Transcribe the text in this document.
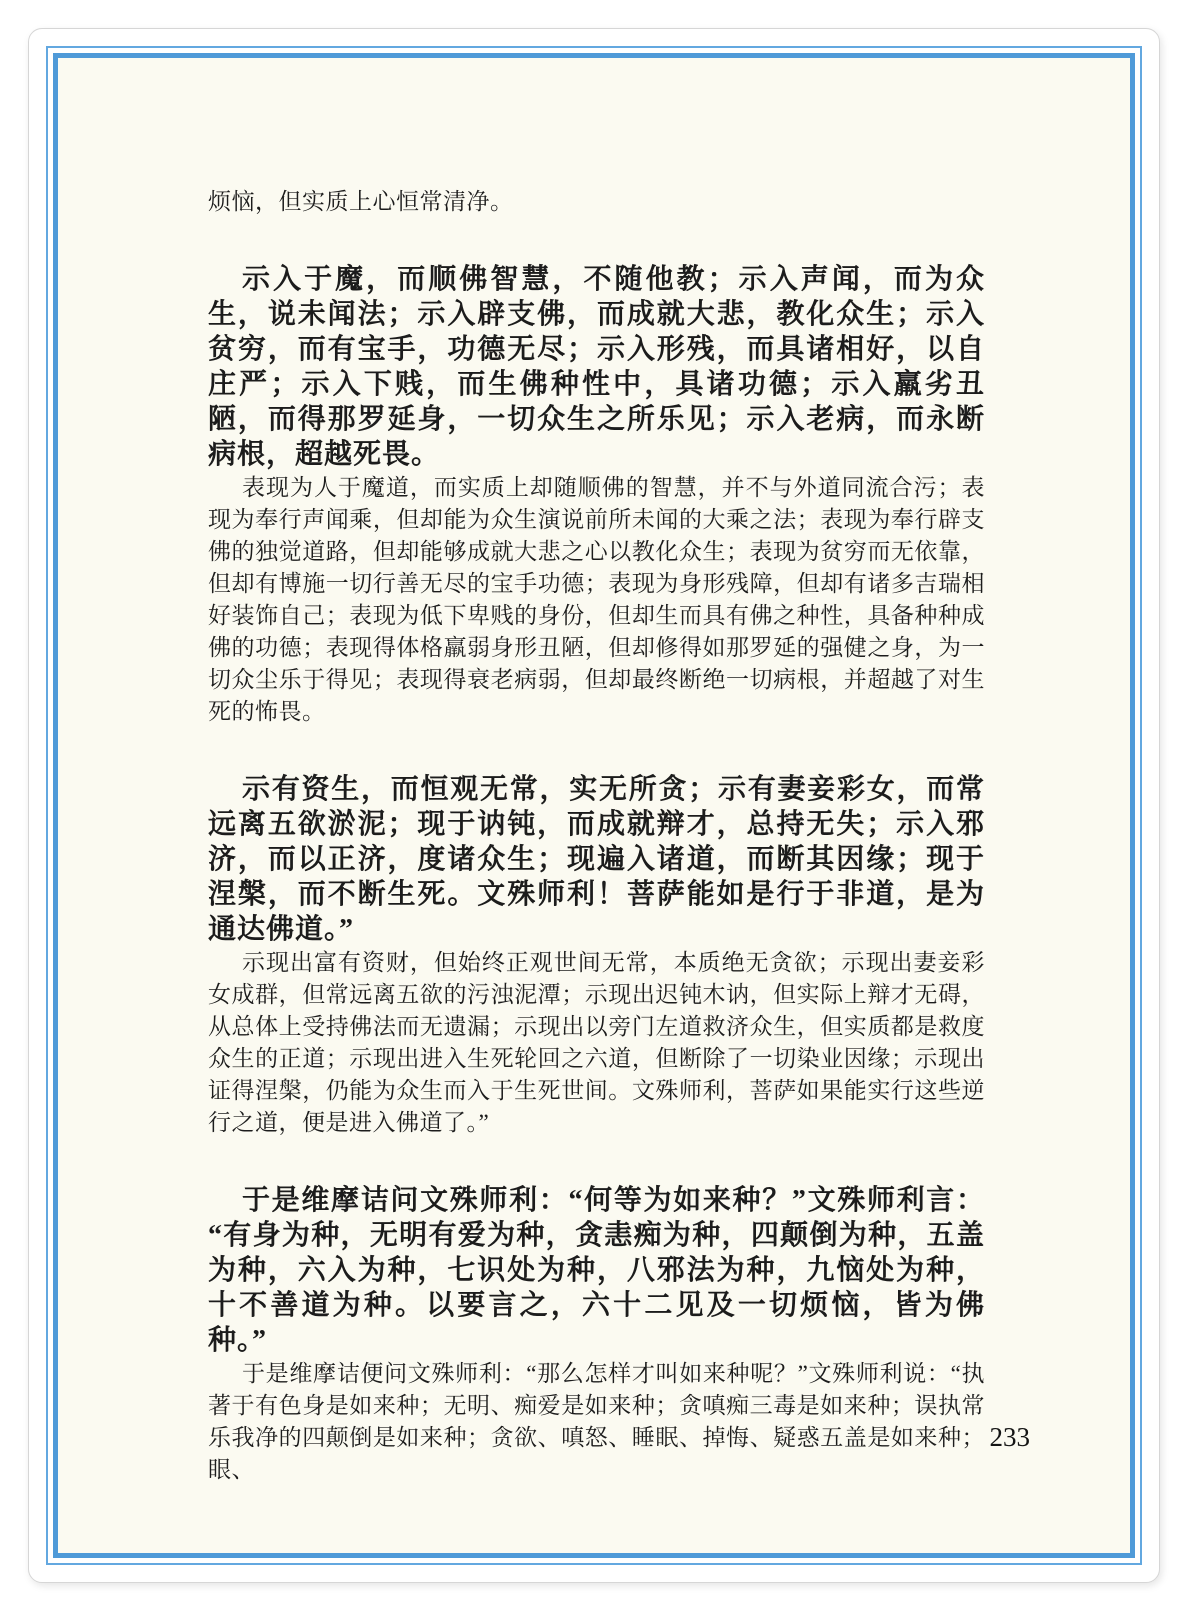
烦恼，但实质上心恒常清净。

示入于魔，而顺佛智慧，不随他教；示入声闻，而为众生，说未闻法；示入辟支佛，而成就大悲，教化众生；示入贫穷，而有宝手，功德无尽；示入形残，而具诸相好，以自庄严；示入下贱，而生佛种性中，具诸功德；示入羸劣丑陋，而得那罗延身，一切众生之所乐见；示入老病，而永断病根，超越死畏。

表现为人于魔道，而实质上却随顺佛的智慧，并不与外道同流合污；表现为奉行声闻乘，但却能为众生演说前所未闻的大乘之法；表现为奉行辟支佛的独觉道路，但却能够成就大悲之心以教化众生；表现为贫穷而无依靠，但却有博施一切行善无尽的宝手功德；表现为身形残障，但却有诸多吉瑞相好装饰自己；表现为低下卑贱的身份，但却生而具有佛之种性，具备种种成佛的功德；表现得体格羸弱身形丑陋，但却修得如那罗延的强健之身，为一切众尘乐于得见；表现得衰老病弱，但却最终断绝一切病根，并超越了对生死的怖畏。

示有资生，而恒观无常，实无所贪；示有妻妾彩女，而常远离五欲淤泥；现于讷钝，而成就辩才，总持无失；示入邪济，而以正济，度诸众生；现遍入诸道，而断其因缘；现于涅槃，而不断生死。文殊师利！菩萨能如是行于非道，是为通达佛道。”

示现出富有资财，但始终正观世间无常，本质绝无贪欲；示现出妻妾彩女成群，但常远离五欲的污浊泥潭；示现出迟钝木讷，但实际上辩才无碍，从总体上受持佛法而无遗漏；示现出以旁门左道救济众生，但实质都是救度众生的正道；示现出进入生死轮回之六道，但断除了一切染业因缘；示现出证得涅槃，仍能为众生而入于生死世间。文殊师利，菩萨如果能实行这些逆行之道，便是进入佛道了。”

于是维摩诘问文殊师利：“何等为如来种？”文殊师利言：“有身为种，无明有爱为种，贪恚痴为种，四颠倒为种，五盖为种，六入为种，七识处为种，八邪法为种，九恼处为种，十不善道为种。以要言之，六十二见及一切烦恼，皆为佛种。”

于是维摩诘便问文殊师利：“那么怎样才叫如来种呢？”文殊师利说：“执著于有色身是如来种；无明、痴爱是如来种；贪嗔痴三毒是如来种；误执常乐我净的四颠倒是如来种；贪欲、嗔怒、睡眠、掉悔、疑惑五盖是如来种；眼、

233
